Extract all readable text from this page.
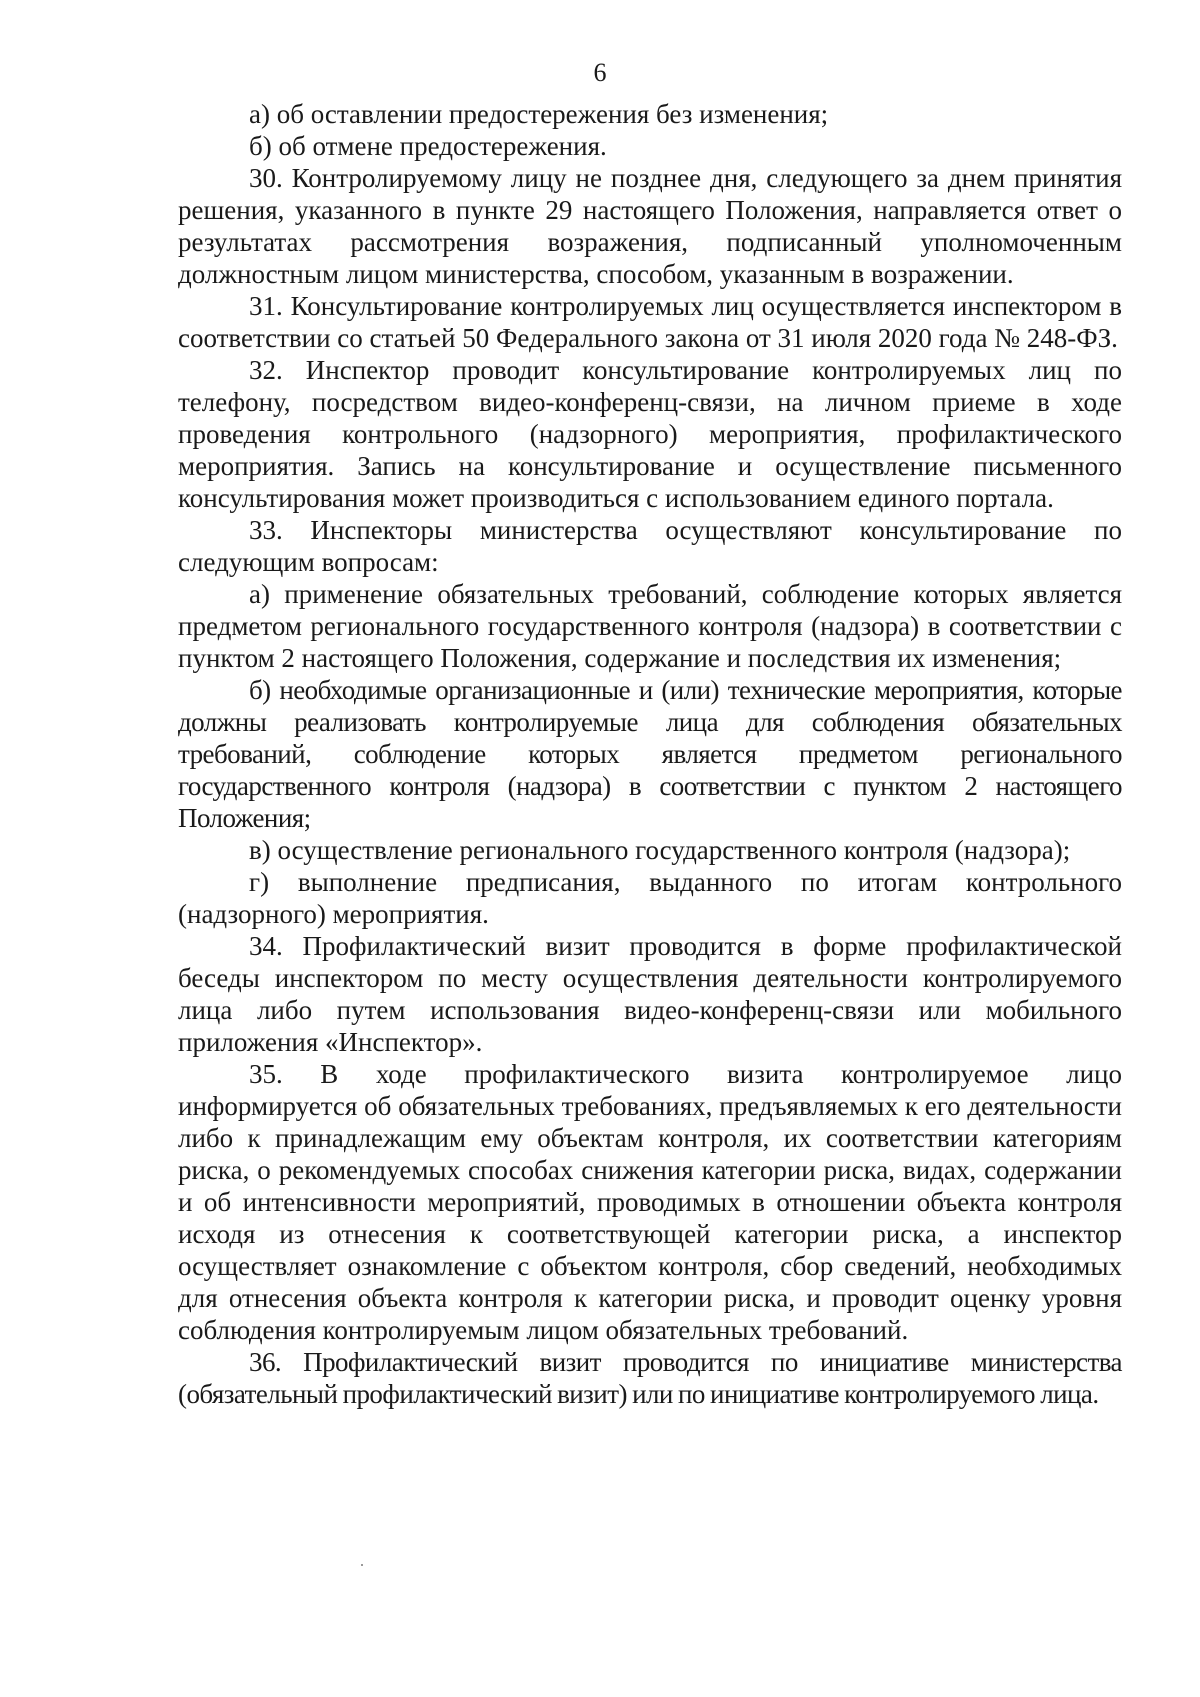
6

а) об оставлении предостережения без изменения;

б) об отмене предостережения.

30. Контролируемому лицу не позднее дня, следующего за днем принятия решения, указанного в пункте 29 настоящего Положения, направляется ответ о результатах рассмотрения возражения, подписанный уполномоченным должностным лицом министерства, способом, указанным в возражении.

31. Консультирование контролируемых лиц осуществляется инспектором в соответствии со статьей 50 Федерального закона от 31 июля 2020 года № 248-ФЗ.

32. Инспектор проводит консультирование контролируемых лиц по телефону, посредством видео-конференц-связи, на личном приеме в ходе проведения контрольного (надзорного) мероприятия, профилактического мероприятия. Запись на консультирование и осуществление письменного консультирования может производиться с использованием единого портала.

33. Инспекторы министерства осуществляют консультирование по следующим вопросам:

а) применение обязательных требований, соблюдение которых является предметом регионального государственного контроля (надзора) в соответствии с пунктом 2 настоящего Положения, содержание и последствия их изменения;

б) необходимые организационные и (или) технические мероприятия, которые должны реализовать контролируемые лица для соблюдения обязательных требований, соблюдение которых является предметом регионального государственного контроля (надзора) в соответствии с пунктом 2 настоящего Положения;

в) осуществление регионального государственного контроля (надзора);

г) выполнение предписания, выданного по итогам контрольного (надзорного) мероприятия.

34. Профилактический визит проводится в форме профилактической беседы инспектором по месту осуществления деятельности контролируемого лица либо путем использования видео-конференц-связи или мобильного приложения «Инспектор».

35. В ходе профилактического визита контролируемое лицо информируется об обязательных требованиях, предъявляемых к его деятельности либо к принадлежащим ему объектам контроля, их соответствии категориям риска, о рекомендуемых способах снижения категории риска, видах, содержании и об интенсивности мероприятий, проводимых в отношении объекта контроля исходя из отнесения к соответствующей категории риска, а инспектор осуществляет ознакомление с объектом контроля, сбор сведений, необходимых для отнесения объекта контроля к категории риска, и проводит оценку уровня соблюдения контролируемым лицом обязательных требований.

36. Профилактический визит проводится по инициативе министерства (обязательный профилактический визит) или по инициативе контролируемого лица.
